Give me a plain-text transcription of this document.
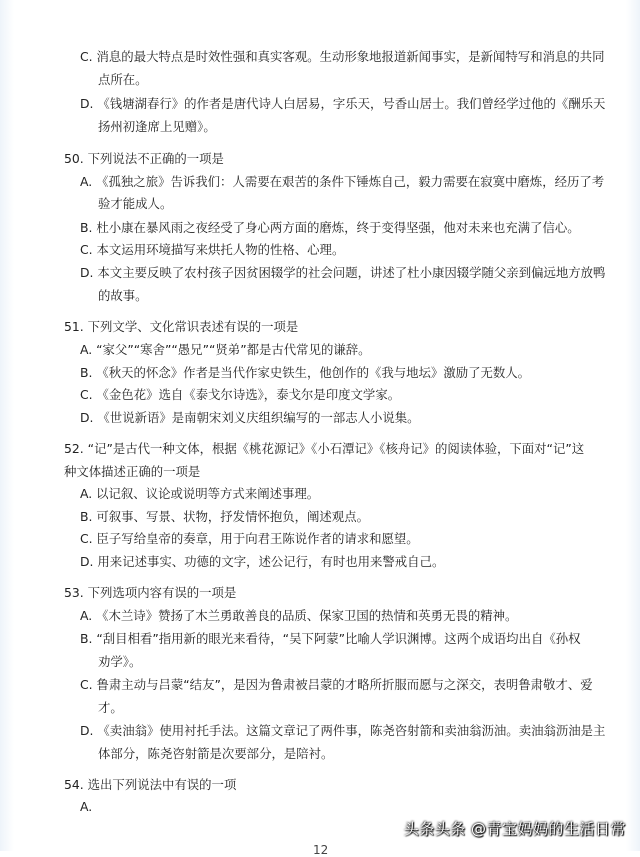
C. 消息的最大特点是时效性强和真实客观。生动形象地报道新闻事实，是新闻特写和消息的共同
点所在。
D. 《钱塘湖春行》的作者是唐代诗人白居易，字乐天，号香山居士。我们曾经学过他的《酬乐天
扬州初逢席上见赠》。
50. 下列说法不正确的一项是
A. 《孤独之旅》告诉我们：人需要在艰苦的条件下锤炼自己，毅力需要在寂寞中磨炼，经历了考
验才能成人。
B. 杜小康在暴风雨之夜经受了身心两方面的磨炼，终于变得坚强，他对未来也充满了信心。
C. 本文运用环境描写来烘托人物的性格、心理。
D. 本文主要反映了农村孩子因贫困辍学的社会问题，讲述了杜小康因辍学随父亲到偏远地方放鸭
的故事。
51. 下列文学、文化常识表述有误的一项是
A. “家父”“寒舍”“愚兄”“贤弟”都是古代常见的谦辞。
B. 《秋天的怀念》作者是当代作家史铁生，他创作的《我与地坛》激励了无数人。
C. 《金色花》选自《泰戈尔诗选》，泰戈尔是印度文学家。
D. 《世说新语》是南朝宋刘义庆组织编写的一部志人小说集。
52. “记”是古代一种文体，根据《桃花源记》《小石潭记》《核舟记》的阅读体验，下面对“记”这
种文体描述正确的一项是
A. 以记叙、议论或说明等方式来阐述事理。
B. 可叙事、写景、状物，抒发情怀抱负，阐述观点。
C. 臣子写给皇帝的奏章，用于向君王陈说作者的请求和愿望。
D. 用来记述事实、功德的文字，述公记行，有时也用来警戒自己。
53. 下列选项内容有误的一项是
A. 《木兰诗》赞扬了木兰勇敢善良的品质、保家卫国的热情和英勇无畏的精神。
B. “刮目相看”指用新的眼光来看待，“吴下阿蒙”比喻人学识渊博。这两个成语均出自《孙权
劝学》。
C. 鲁肃主动与吕蒙“结友”，是因为鲁肃被吕蒙的才略所折服而愿与之深交，表明鲁肃敬才、爱
才。
D. 《卖油翁》使用衬托手法。这篇文章记了两件事，陈尧咨射箭和卖油翁沥油。卖油翁沥油是主
体部分，陈尧咨射箭是次要部分，是陪衬。
54. 选出下列说法中有误的一项
A.
头条头条 @青宝妈妈的生活日常
12
